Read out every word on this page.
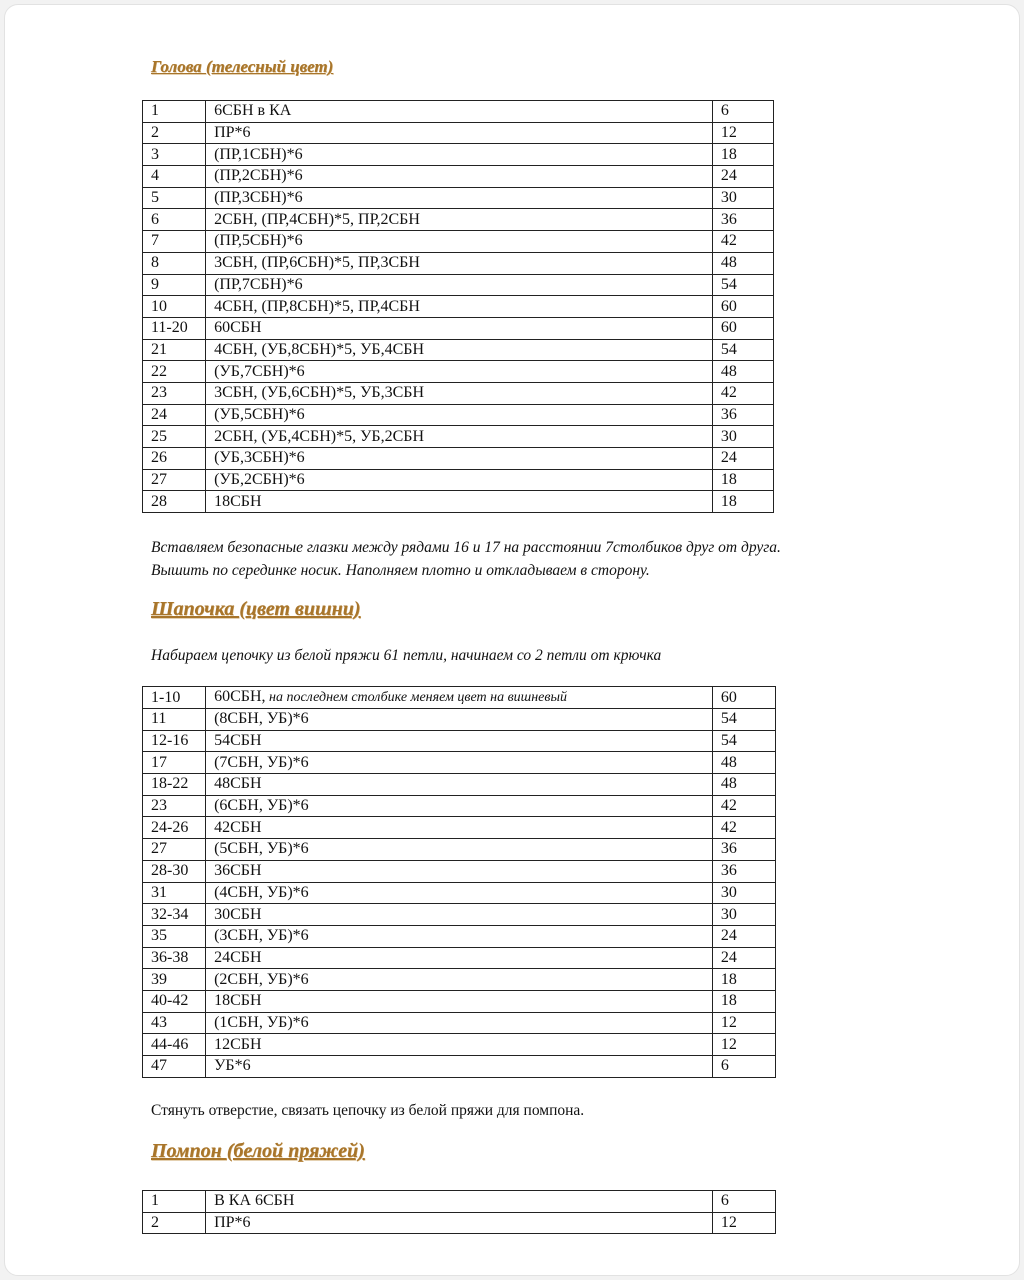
Голова (телесный цвет)
1	6СБН в КА	6
2	ПР*6	12
3	(ПР,1СБН)*6	18
4	(ПР,2СБН)*6	24
5	(ПР,3СБН)*6	30
6	2СБН, (ПР,4СБН)*5, ПР,2СБН	36
7	(ПР,5СБН)*6	42
8	3СБН, (ПР,6СБН)*5, ПР,3СБН	48
9	(ПР,7СБН)*6	54
10	4СБН, (ПР,8СБН)*5, ПР,4СБН	60
11-20	60СБН	60
21	4СБН, (УБ,8СБН)*5, УБ,4СБН	54
22	(УБ,7СБН)*6	48
23	3СБН, (УБ,6СБН)*5, УБ,3СБН	42
24	(УБ,5СБН)*6	36
25	2СБН, (УБ,4СБН)*5, УБ,2СБН	30
26	(УБ,3СБН)*6	24
27	(УБ,2СБН)*6	18
28	18СБН	18
Вставляем безопасные глазки между рядами 16 и 17 на расстоянии 7столбиков друг от друга.
Вышить по серединке носик. Наполняем плотно и откладываем в сторону.
Шапочка (цвет вишни)
Набираем цепочку из белой пряжи 61 петли, начинаем со 2 петли от крючка
1-10	60СБН, на последнем столбике меняем цвет на вишневый	60
11	(8СБН, УБ)*6	54
12-16	54СБН	54
17	(7СБН, УБ)*6	48
18-22	48СБН	48
23	(6СБН, УБ)*6	42
24-26	42СБН	42
27	(5СБН, УБ)*6	36
28-30	36СБН	36
31	(4СБН, УБ)*6	30
32-34	30СБН	30
35	(3СБН, УБ)*6	24
36-38	24СБН	24
39	(2СБН, УБ)*6	18
40-42	18СБН	18
43	(1СБН, УБ)*6	12
44-46	12СБН	12
47	УБ*6	6
Стянуть отверстие, связать цепочку из белой пряжи для помпона.
Помпон (белой пряжей)
1	В КА 6СБН	6
2	ПР*6	12
